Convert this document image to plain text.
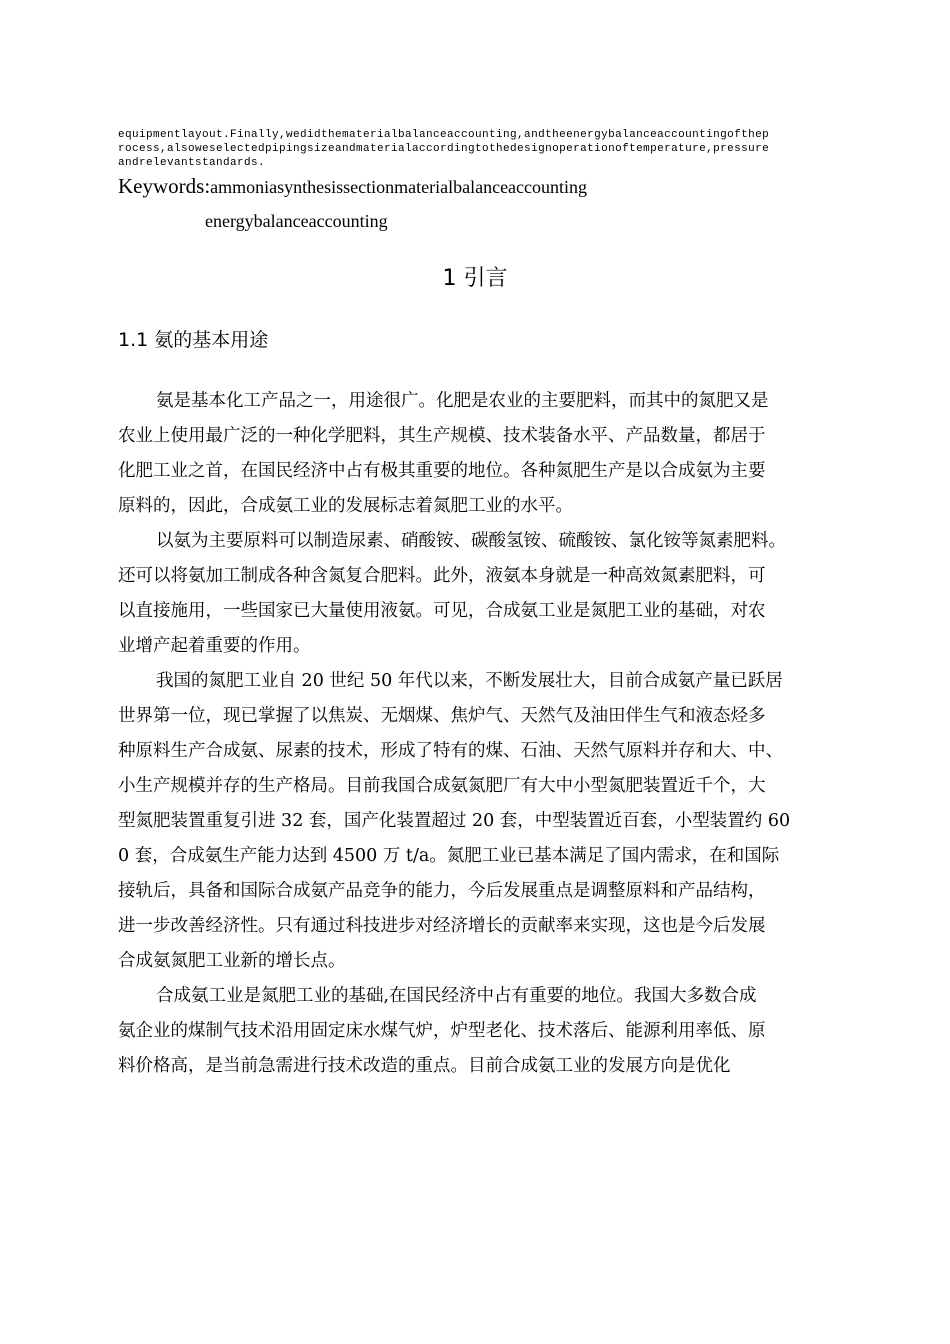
equipmentlayout.Finally,wedidthematerialbalanceaccounting,andtheenergybalanceaccountingofthep
rocess,alsoweselectedpipingsizeandmaterialaccordingtothedesignoperationoftemperature,pressure
andrelevantstandards.
Keywords:ammoniasynthesissectionmaterialbalanceaccounting
energybalanceaccounting
1 引言
1.1 氨的基本用途
氨是基本化工产品之一，用途很广。化肥是农业的主要肥料，而其中的氮肥又是
农业上使用最广泛的一种化学肥料，其生产规模、技术装备水平、产品数量，都居于
化肥工业之首，在国民经济中占有极其重要的地位。各种氮肥生产是以合成氨为主要
原料的，因此，合成氨工业的发展标志着氮肥工业的水平。
以氨为主要原料可以制造尿素、硝酸铵、碳酸氢铵、硫酸铵、氯化铵等氮素肥料。
还可以将氨加工制成各种含氮复合肥料。此外，液氨本身就是一种高效氮素肥料，可
以直接施用，一些国家已大量使用液氨。可见，合成氨工业是氮肥工业的基础，对农
业增产起着重要的作用。
我国的氮肥工业自 20 世纪 50 年代以来，不断发展壮大，目前合成氨产量已跃居
世界第一位，现已掌握了以焦炭、无烟煤、焦炉气、天然气及油田伴生气和液态烃多
种原料生产合成氨、尿素的技术，形成了特有的煤、石油、天然气原料并存和大、中、
小生产规模并存的生产格局。目前我国合成氨氮肥厂有大中小型氮肥装置近千个，大
型氮肥装置重复引进 32 套，国产化装置超过 20 套，中型装置近百套，小型装置约 60
0 套，合成氨生产能力达到 4500 万 t/a。氮肥工业已基本满足了国内需求，在和国际
接轨后，具备和国际合成氨产品竞争的能力，今后发展重点是调整原料和产品结构，
进一步改善经济性。只有通过科技进步对经济增长的贡献率来实现，这也是今后发展
合成氨氮肥工业新的增长点。
合成氨工业是氮肥工业的基础,在国民经济中占有重要的地位。我国大多数合成
氨企业的煤制气技术沿用固定床水煤气炉，炉型老化、技术落后、能源利用率低、原
料价格高，是当前急需进行技术改造的重点。目前合成氨工业的发展方向是优化
